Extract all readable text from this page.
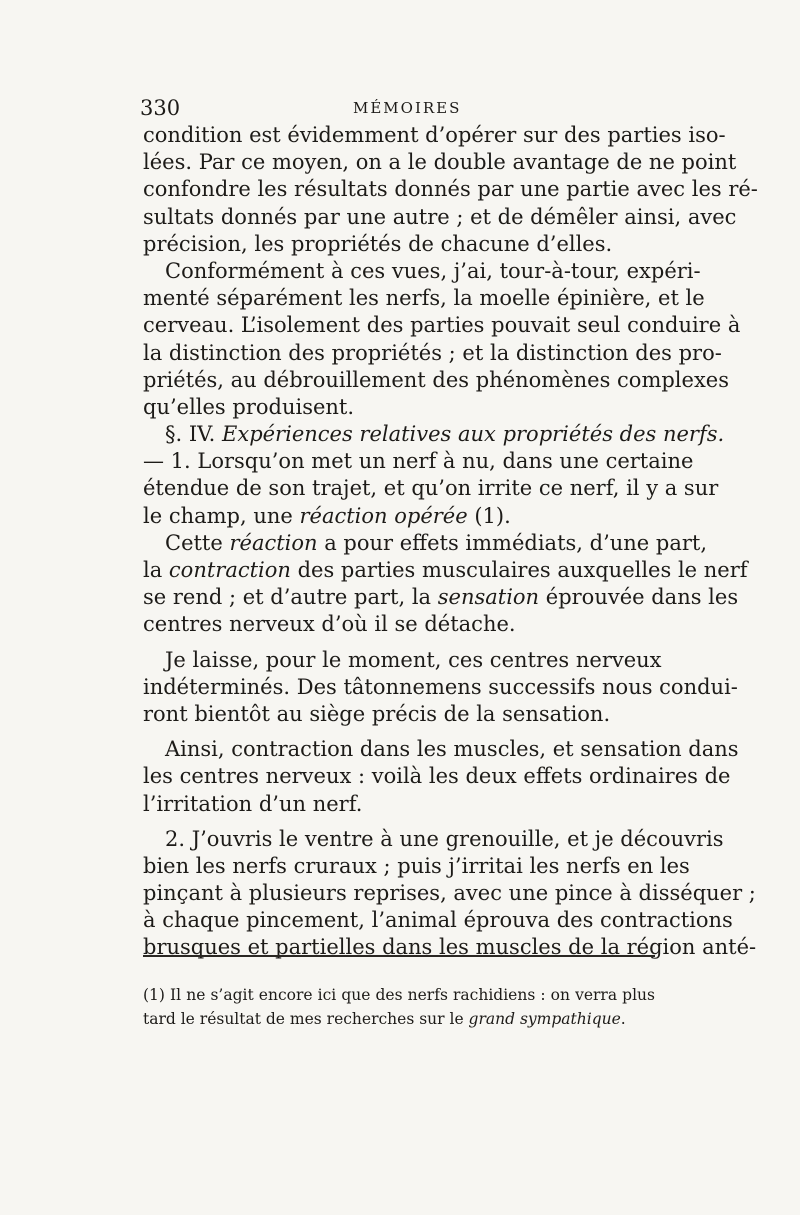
330	MÉMOIRES
condition est évidemment d’opérer sur des parties iso-
lées. Par ce moyen, on a le double avantage de ne point
confondre les résultats donnés par une partie avec les ré-
sultats donnés par une autre ; et de démêler ainsi, avec
précision, les propriétés de chacune d’elles.
Conformément à ces vues, j’ai, tour-à-tour, expéri-
menté séparément les nerfs, la moelle épinière, et le
cerveau. L’isolement des parties pouvait seul conduire à
la distinction des propriétés ; et la distinction des pro-
priétés, au débrouillement des phénomènes complexes
qu’elles produisent.
§. IV. Expériences relatives aux propriétés des nerfs.
— 1. Lorsqu’on met un nerf à nu, dans une certaine
étendue de son trajet, et qu’on irrite ce nerf, il y a sur
le champ, une réaction opérée (1).
Cette réaction a pour effets immédiats, d’une part,
la contraction des parties musculaires auxquelles le nerf
se rend ; et d’autre part, la sensation éprouvée dans les
centres nerveux d’où il se détache.
Je laisse, pour le moment, ces centres nerveux
indéterminés. Des tâtonnemens successifs nous condui-
ront bientôt au siège précis de la sensation.
Ainsi, contraction dans les muscles, et sensation dans
les centres nerveux : voilà les deux effets ordinaires de
l’irritation d’un nerf.
2. J’ouvris le ventre à une grenouille, et je découvris
bien les nerfs cruraux ; puis j’irritai les nerfs en les
pinçant à plusieurs reprises, avec une pince à disséquer ;
à chaque pincement, l’animal éprouva des contractions
brusques et partielles dans les muscles de la région anté-
(1) Il ne s’agit encore ici que des nerfs rachidiens : on verra plus
tard le résultat de mes recherches sur le grand sympathique.
